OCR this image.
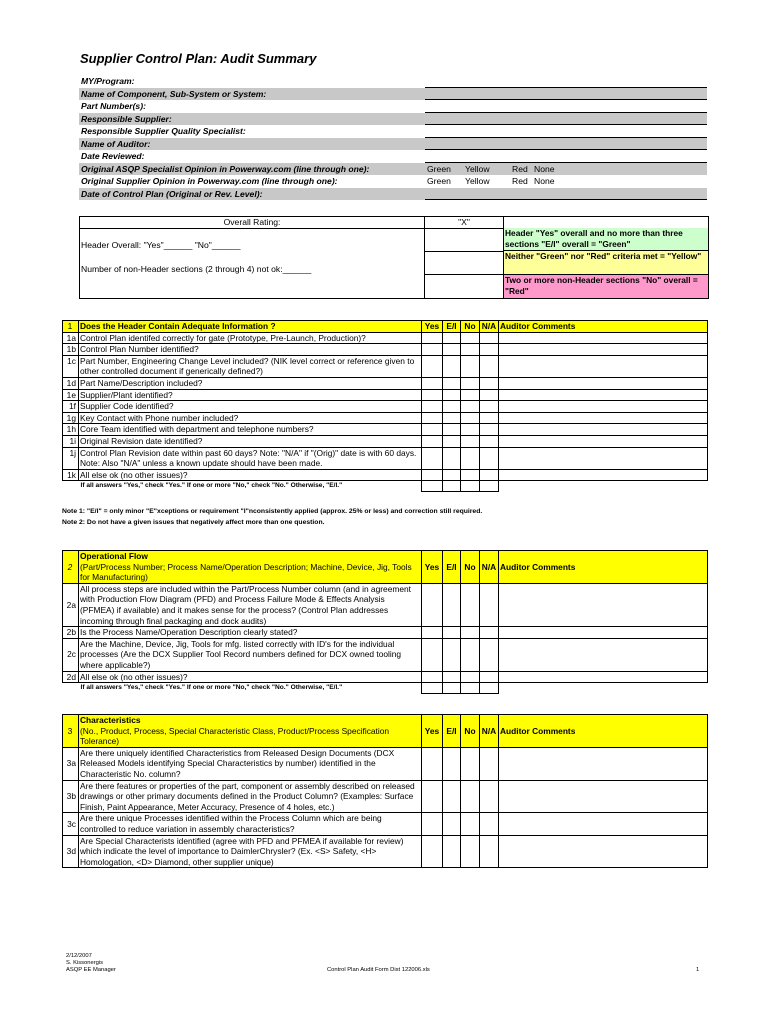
Supplier Control Plan: Audit Summary
MY/Program:
Name of Component, Sub-System or System:
Part Number(s):
Responsible Supplier:
Responsible Supplier Quality Specialist:
Name of Auditor:
Date Reviewed:
Original ASQP Specialist Opinion in Powerway.com (line through one):	Green	Yellow	Red None
Original Supplier Opinion in Powerway.com (line through one):	Green	Yellow	Red None
Date of Control Plan (Original or Rev. Level):
Overall Rating:
Header Overall: "Yes"______ "No"______
Number of non-Header sections (2 through 4) not ok:______
"X"
Header "Yes" overall and no more than three sections "E/I" overall = "Green"
Neither "Green" nor "Red" criteria met = "Yellow"
Two or more non-Header sections "No" overall = "Red"
1	Does the Header Contain Adequate Information ?	Yes	E/I	No	N/A	Auditor Comments
1a	Control Plan identifed correctly for gate (Prototype, Pre-Launch, Production)?					
1b	Control Plan Number identified?					
1c	Part Number, Engineering Change Level included? (NIK level correct or reference given to other controlled document if generically defined?)					
1d	Part Name/Description included?					
1e	Supplier/Plant identified?					
1f	Supplier Code identified?					
1g	Key Contact with Phone number included?					
1h	Core Team identified with department and telephone numbers?					
1i	Original Revision date identified?					
1j	Control Plan Revision date within past 60 days? Note: "N/A" if "(Orig)" date is with 60 days. Note: Also "N/A" unless a known update should have been made.					
1k	All else ok (no other issues)?					
If all answers "Yes," check "Yes." If one or more "No," check "No." Otherwise, "E/I."						
Note 1: "E/I" = only minor "E"xceptions or requirement "I"nconsistently applied (approx. 25% or less) and correction still required.
Note 2: Do not have a given issues that negatively affect more than one question.
2	Operational Flow
(Part/Process Number; Process Name/Operation Description; Machine, Device, Jig, Tools for Manufacturing)	Yes	E/I	No	N/A	Auditor Comments
2a	All process steps are included within the Part/Process Number column (and in agreement with Production Flow Diagram (PFD) and Process Failure Mode & Effects Analysis (PFMEA) if available) and it makes sense for the process? (Control Plan addresses incoming through final packaging and dock audits)					
2b	Is the Process Name/Operation Description clearly stated?					
2c	Are the Machine, Device, Jig, Tools for mfg. listed correctly with ID's for the individual processes (Are the DCX Supplier Tool Record numbers defined for DCX owned tooling where applicable?)					
2d	All else ok (no other issues)?					
If all answers "Yes," check "Yes." If one or more "No," check "No." Otherwise, "E/I."						
3	Characteristics
(No., Product, Process, Special Characteristic Class, Product/Process Specification Tolerance)	Yes	E/I	No	N/A	Auditor Comments
3a	Are there uniquely identified Characteristics from Released Design Documents (DCX Released Models identifying Special Characteristics by number) identified in the Characteristic No. column?					
3b	Are there features or properties of the part, component or assembly described on released drawings or other primary documents defined in the Product Column? (Examples: Surface Finish, Paint Appearance, Meter Accuracy, Presence of 4 holes, etc.)					
3c	Are there unique Processes identified within the Process Column which are being controlled to reduce variation in assembly characteristics?					
3d	Are Special Characterists identified (agree with PFD and PFMEA if available for review) which indicate the level of importance to DaimlerChrysler? (Ex. <S> Safety, <H> Homologation, <D> Diamond, other supplier unique)					
2/12/2007
S. Kissonergis
ASQP EE Manager	Control Plan Audit Form Dist 122006.xls	1
